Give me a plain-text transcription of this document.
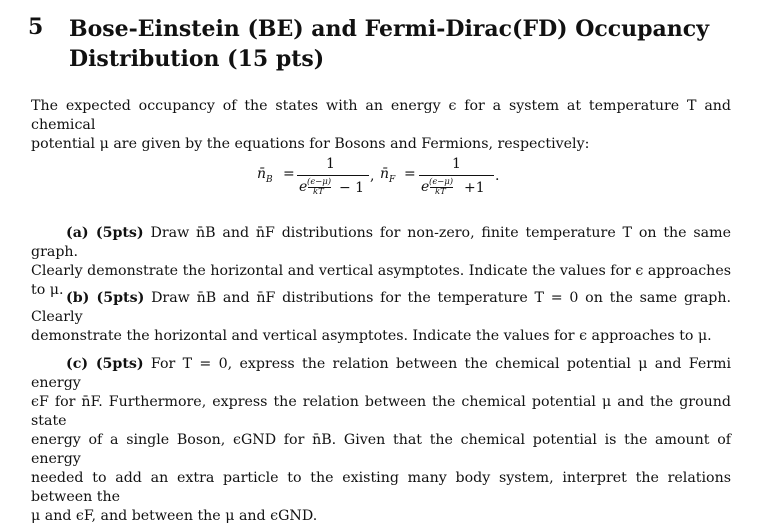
5 Bose-Einstein (BE) and Fermi-Dirac(FD) Occupancy Distribution (15 pts)
The expected occupancy of the states with an energy ϵ for a system at temperature T and chemical
potential μ are given by the equations for Bosons and Fermions, respectively:
$n̄_B$ =
1
e (ϵ−μ)
kT − 1
, $n̄_F$ =
1
e (ϵ−μ)
kT +1
.
(a) (5pts) Draw n̄B and n̄F distributions for non-zero, finite temperature T on the same graph.
Clearly demonstrate the horizontal and vertical asymptotes. Indicate the values for ϵ approaches to μ. (b) (5pts) Draw n̄B and n̄F distributions for the temperature T = 0 on the same graph. Clearly
demonstrate the horizontal and vertical asymptotes. Indicate the values for ϵ approaches to μ.
(c) (5pts) For T = 0, express the relation between the chemical potential μ and Fermi energy
ϵF for n̄F. Furthermore, express the relation between the chemical potential μ and the ground state
energy of a single Boson, ϵGND for n̄B. Given that the chemical potential is the amount of energy
needed to add an extra particle to the existing many body system, interpret the relations between the
μ and ϵF, and between the μ and ϵGND.
